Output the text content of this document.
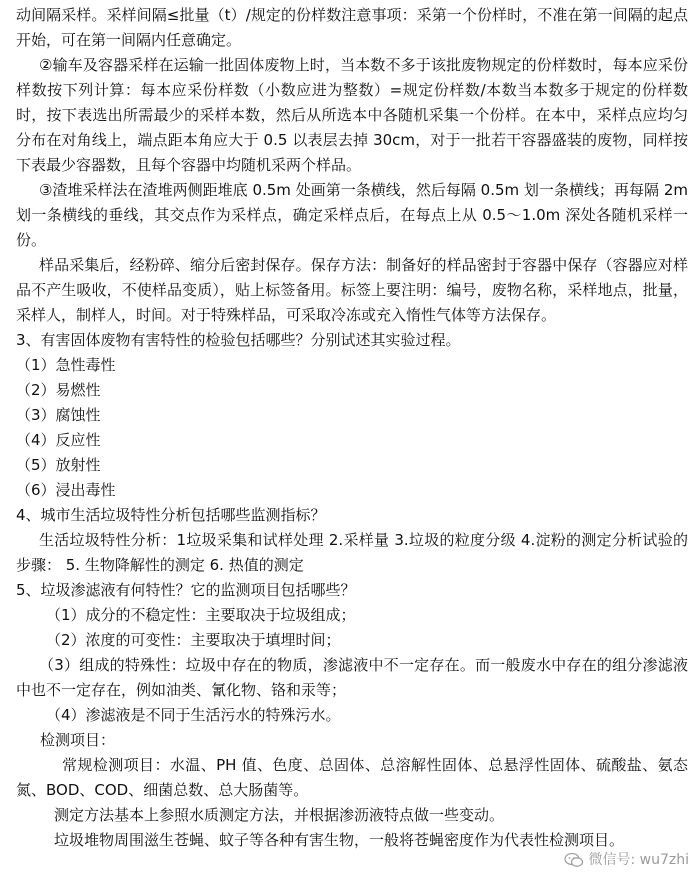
动间隔采样。采样间隔≤批量（t）/规定的份样数注意事项：采第一个份样时，不准在第一间隔的起点开始，可在第一间隔内任意确定。

②输车及容器采样在运输一批固体废物上时，当本数不多于该批废物规定的份样数时，每本应采份样数按下列计算：每本应采份样数（小数应进为整数）=规定份样数/本数当本数多于规定的份样数时，按下表选出所需最少的采样本数，然后从所选本中各随机采集一个份样。在本中，采样点应均匀分布在对角线上，端点距本角应大于 0.5 以表层去掉 30cm，对于一批若干容器盛装的废物，同样按下表最少容器数，且每个容器中均随机采两个样品。

③渣堆采样法在渣堆两侧距堆底 0.5m 处画第一条横线，然后每隔 0.5m 划一条横线；再每隔 2m 划一条横线的垂线，其交点作为采样点，确定采样点后，在每点上从 0.5～1.0m 深处各随机采样一份。

样品采集后，经粉碎、缩分后密封保存。保存方法：制备好的样品密封于容器中保存（容器应对样品不产生吸收，不使样品变质），贴上标签备用。标签上要注明：编号，废物名称，采样地点，批量，采样人，制样人，时间。对于特殊样品，可采取冷冻或充入惰性气体等方法保存。

3、有害固体废物有害特性的检验包括哪些？分别试述其实验过程。

（1）急性毒性

（2）易燃性

（3）腐蚀性

（4）反应性

（5）放射性

（6）浸出毒性

4、城市生活垃圾特性分析包括哪些监测指标？

生活垃圾特性分析：1垃圾采集和试样处理 2.采样量 3.垃圾的粒度分级 4.淀粉的测定分析试验的步骤： 5. 生物降解性的测定 6. 热值的测定

5、垃圾渗滤液有何特性？它的监测项目包括哪些？

（1）成分的不稳定性：主要取决于垃圾组成；

（2）浓度的可变性：主要取决于填埋时间；

（3）组成的特殊性：垃圾中存在的物质，渗滤液中不一定存在。而一般废水中存在的组分渗滤液中也不一定存在，例如油类、氰化物、铬和汞等；

（4）渗滤液是不同于生活污水的特殊污水。

检测项目：

常规检测项目：水温、PH 值、色度、总固体、总溶解性固体、总悬浮性固体、硫酸盐、氨态氮、BOD、COD、细菌总数、总大肠菌等。

测定方法基本上参照水质测定方法，并根据渗沥液特点做一些变动。

垃圾堆物周围滋生苍蝇、蚊子等各种有害生物，一般将苍蝇密度作为代表性检测项目。

微信号: wu7zhi
